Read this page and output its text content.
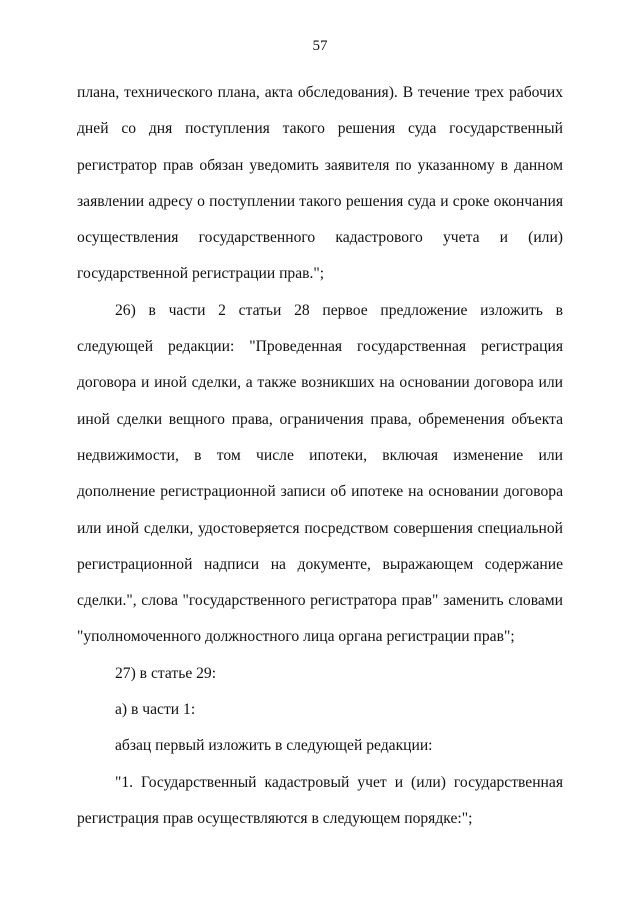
57

плана, технического плана, акта обследования). В течение трех рабочих дней со дня поступления такого решения суда государственный регистратор прав обязан уведомить заявителя по указанному в данном заявлении адресу о поступлении такого решения суда и сроке окончания осуществления государственного кадастрового учета и (или) государственной регистрации прав.";

26) в части 2 статьи 28 первое предложение изложить в следующей редакции: "Проведенная государственная регистрация договора и иной сделки, а также возникших на основании договора или иной сделки вещного права, ограничения права, обременения объекта недвижимости, в том числе ипотеки, включая изменение или дополнение регистрационной записи об ипотеке на основании договора или иной сделки, удостоверяется посредством совершения специальной регистрационной надписи на документе, выражающем содержание сделки.", слова "государственного регистратора прав" заменить словами "уполномоченного должностного лица органа регистрации прав";

27) в статье 29:

а) в части 1:

абзац первый изложить в следующей редакции:

"1. Государственный кадастровый учет и (или) государственная регистрация прав осуществляются в следующем порядке:";
